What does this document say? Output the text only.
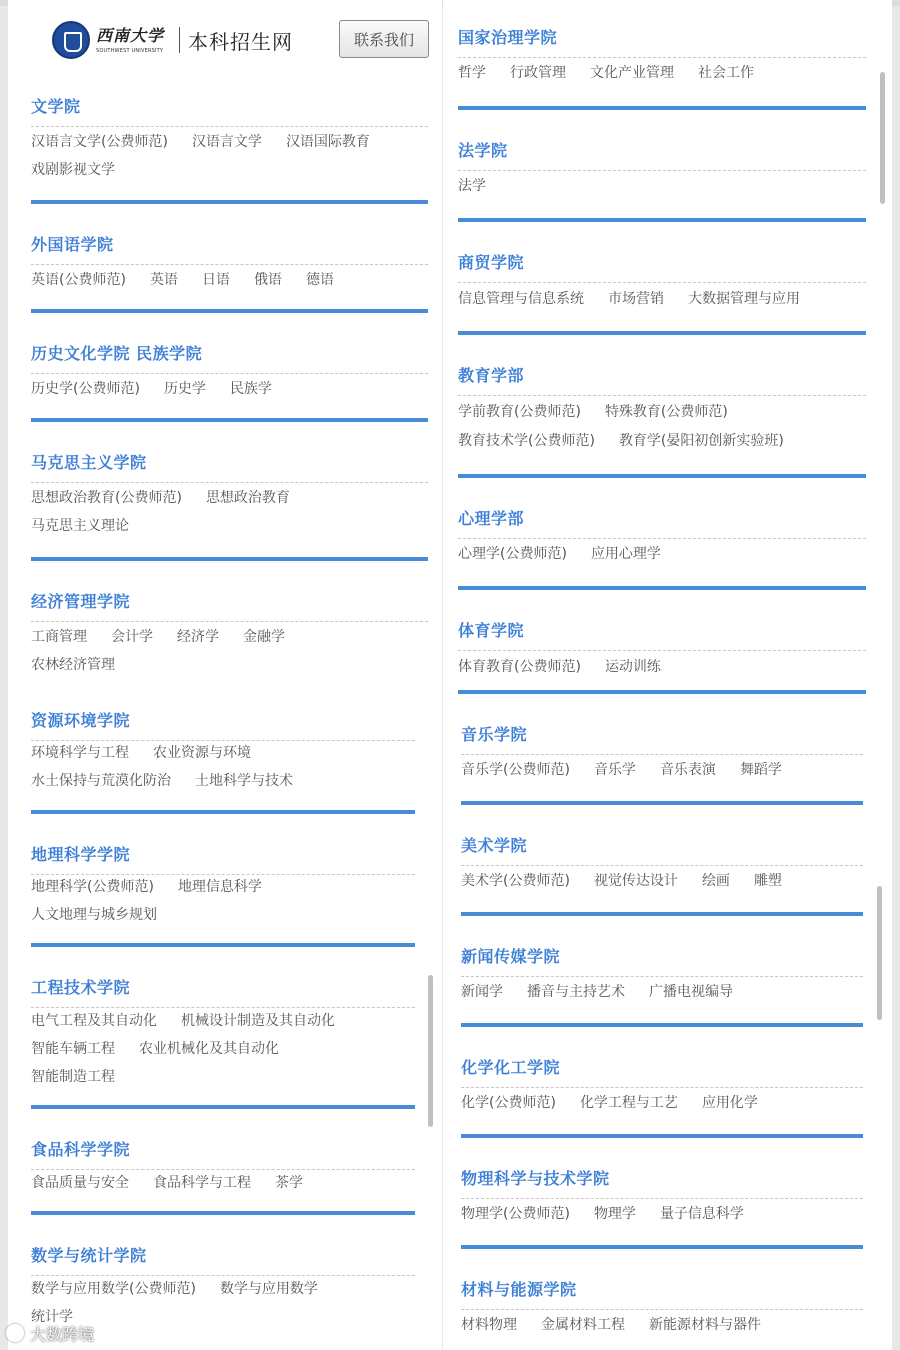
西南大学
SOUTHWEST UNIVERSITY	本科招生网	联系我们
文学院
汉语言文学(公费师范) 汉语言文学 汉语国际教育
戏剧影视文学
外国语学院
英语(公费师范) 英语 日语 俄语 德语
历史文化学院 民族学院
历史学(公费师范) 历史学 民族学
马克思主义学院
思想政治教育(公费师范) 思想政治教育
马克思主义理论
经济管理学院
工商管理 会计学 经济学 金融学
农林经济管理
资源环境学院
环境科学与工程 农业资源与环境
水土保持与荒漠化防治 土地科学与技术
地理科学学院
地理科学(公费师范) 地理信息科学
人文地理与城乡规划
工程技术学院
电气工程及其自动化 机械设计制造及其自动化
智能车辆工程 农业机械化及其自动化
智能制造工程
食品科学学院
食品质量与安全 食品科学与工程 茶学
数学与统计学院
数学与应用数学(公费师范) 数学与应用数学
统计学
国家治理学院
哲学 行政管理 文化产业管理 社会工作
法学院
法学
商贸学院
信息管理与信息系统 市场营销 大数据管理与应用
教育学部
学前教育(公费师范) 特殊教育(公费师范)
教育技术学(公费师范) 教育学(晏阳初创新实验班)
心理学部
心理学(公费师范) 应用心理学
体育学院
体育教育(公费师范) 运动训练
音乐学院
音乐学(公费师范) 音乐学 音乐表演 舞蹈学
美术学院
美术学(公费师范) 视觉传达设计 绘画 雕塑
新闻传媒学院
新闻学 播音与主持艺术 广播电视编导
化学化工学院
化学(公费师范) 化学工程与工艺 应用化学
物理科学与技术学院
物理学(公费师范) 物理学 量子信息科学
材料与能源学院
材料物理 金属材料工程 新能源材料与器件
大数跨境
